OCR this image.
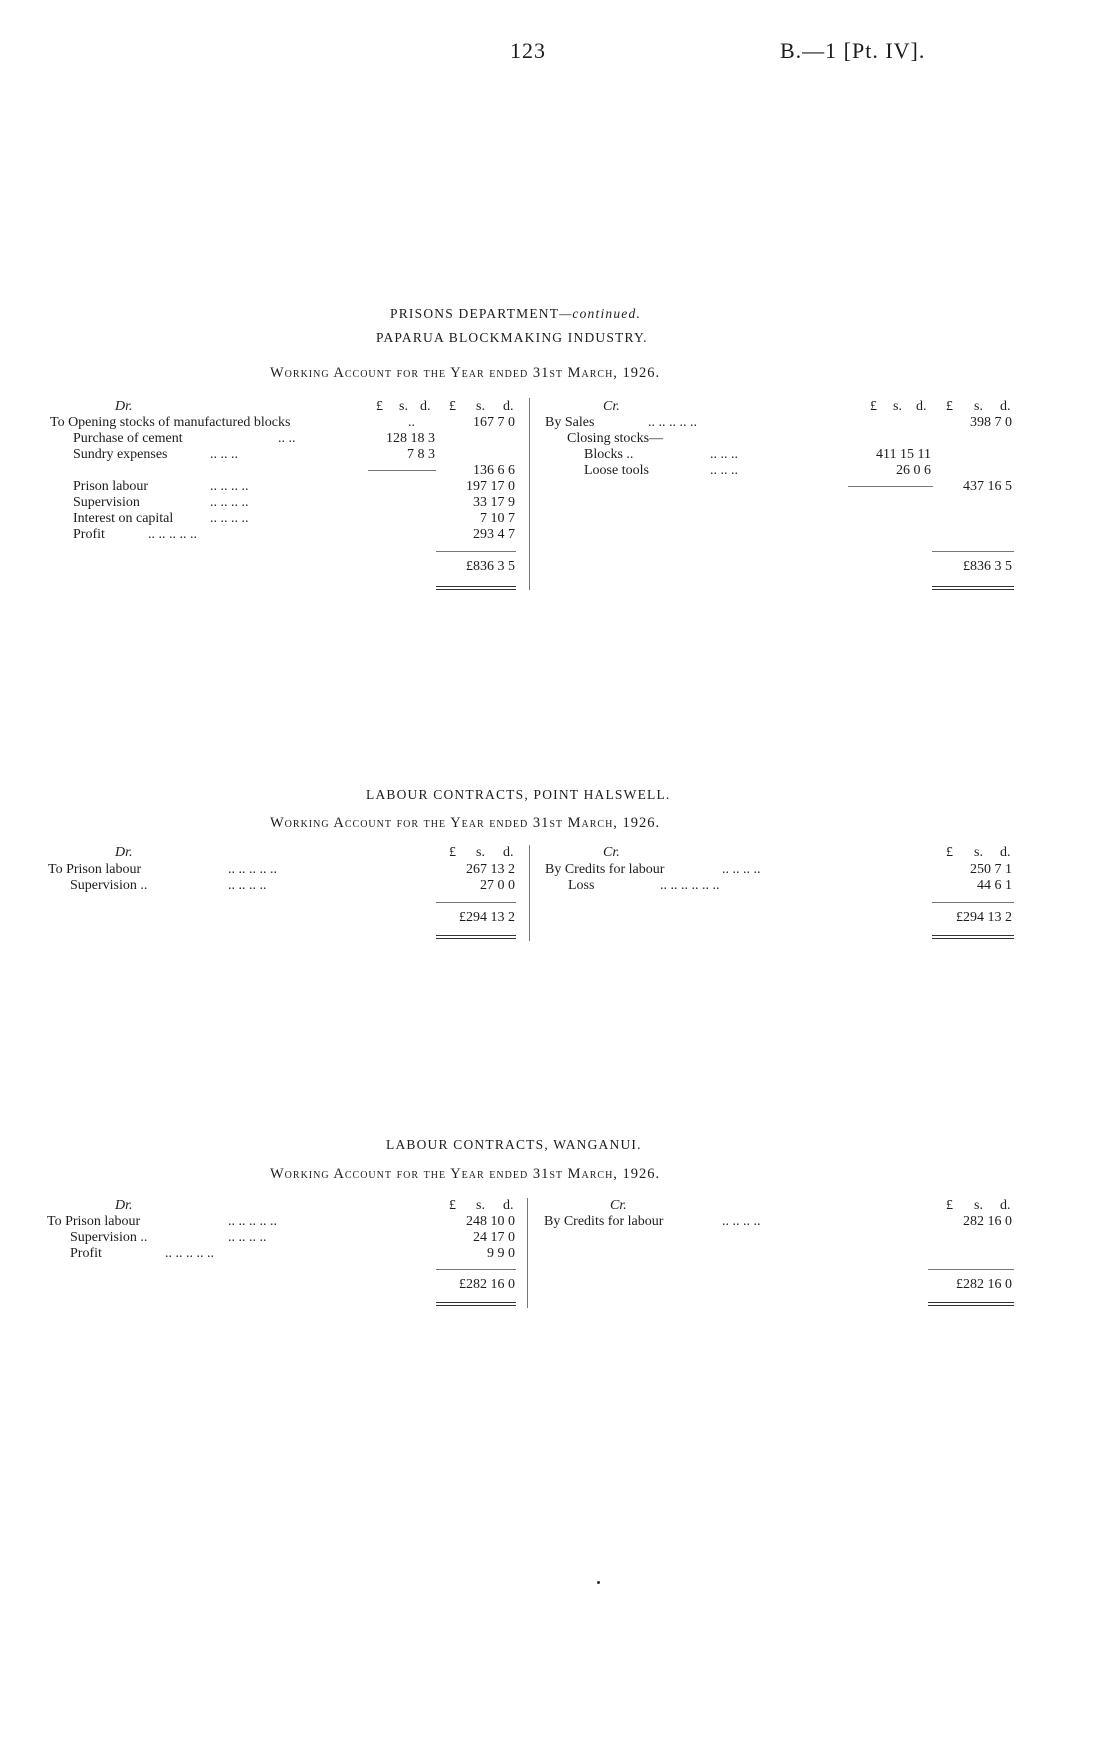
123	B.—1 [Pt. IV].
PRISONS DEPARTMENT—continued.
PAPARUA BLOCKMAKING INDUSTRY.
Working Account for the Year ended 31st March, 1926.
Dr.	£ s. d. £ s. d.	Cr.	£ s. d. £ s. d.
To Opening stocks of manufactured blocks	..	167 7 0
Purchase of cement	.. ..	128 18 3
Sundry expenses	.. .. ..	7 8 3
136 6 6
Prison labour	.. .. .. ..	197 17 0
Supervision	.. .. .. ..	33 17 9
Interest on capital	.. .. .. ..	7 10 7
Profit	.. .. .. .. ..	293 4 7
£836 3 5
By Sales	.. .. .. .. ..	398 7 0
Closing stocks—
Blocks ..	.. .. ..	411 15 11
Loose tools	.. .. ..	26 0 6
437 16 5
£836 3 5
LABOUR CONTRACTS, POINT HALSWELL.
Working Account for the Year ended 31st March, 1926.
Dr.	£ s. d.	Cr.	£ s. d.
To Prison labour	.. .. .. .. ..	267 13 2
Supervision ..	.. .. .. ..	27 0 0
£294 13 2
By Credits for labour	.. .. .. ..	250 7 1
Loss	.. .. .. .. .. ..	44 6 1
£294 13 2
LABOUR CONTRACTS, WANGANUI.
Working Account for the Year ended 31st March, 1926.
Dr.	£ s. d.	Cr.	£ s. d.
To Prison labour	.. .. .. .. ..	248 10 0
Supervision ..	.. .. .. ..	24 17 0
Profit	.. .. .. .. ..	9 9 0
£282 16 0
By Credits for labour	.. .. .. ..	282 16 0
£282 16 0
